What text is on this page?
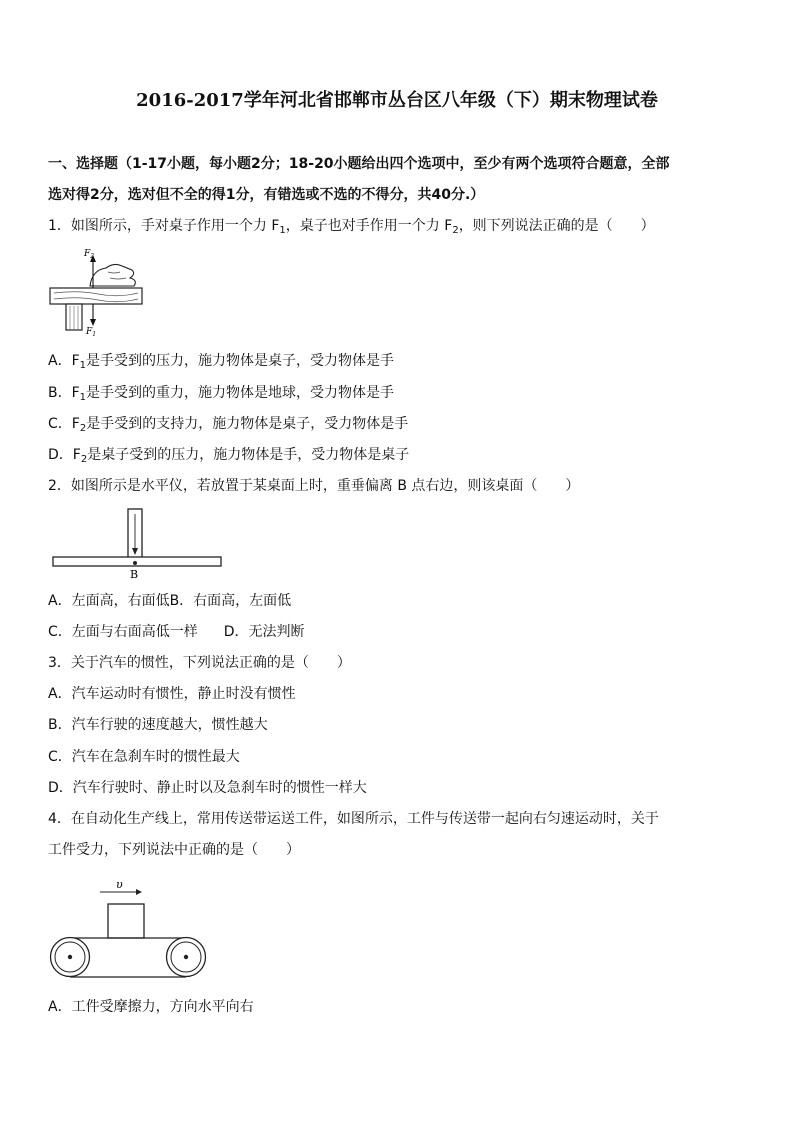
2016-2017学年河北省邯郸市丛台区八年级（下）期末物理试卷
一、选择题（1-17小题，每小题2分；18-20小题给出四个选项中，至少有两个选项符合题意，全部
选对得2分，选对但不全的得1分，有错选或不选的不得分，共40分.）
1．如图所示，手对桌子作用一个力 $F_1$，桌子也对手作用一个力 $F_2$，则下列说法正确的是（　　）
$F_2$
$F_1$
A．$F_1$是手受到的压力，施力物体是桌子，受力物体是手
B．$F_1$是手受到的重力，施力物体是地球，受力物体是手
C．$F_2$是手受到的支持力，施力物体是桌子，受力物体是手
D．$F_2$是桌子受到的压力，施力物体是手，受力物体是桌子
2．如图所示是水平仪，若放置于某桌面上时，重垂偏离 B 点右边，则该桌面（　　）
B
A．左面高，右面低B．右面高，左面低
C．左面与右面高低一样 D．无法判断
3．关于汽车的惯性，下列说法正确的是（　　）
A．汽车运动时有惯性，静止时没有惯性
B．汽车行驶的速度越大，惯性越大
C．汽车在急刹车时的惯性最大
D．汽车行驶时、静止时以及急刹车时的惯性一样大
4．在自动化生产线上，常用传送带运送工件，如图所示，工件与传送带一起向右匀速运动时，关于
工件受力，下列说法中正确的是（　　）
υ
A．工件受摩擦力，方向水平向右
